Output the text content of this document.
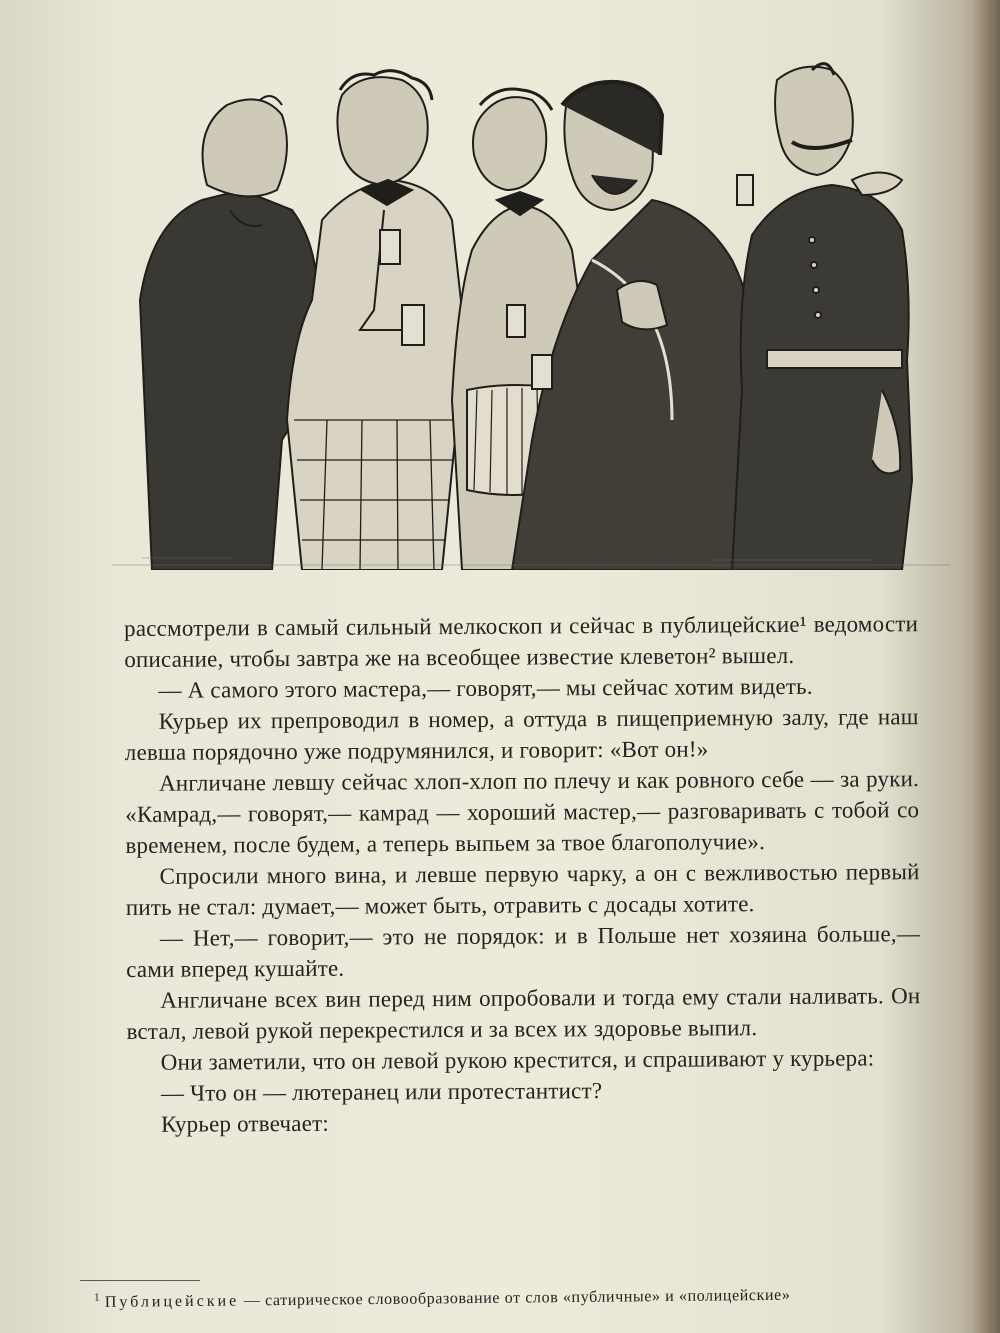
рассмотрели в самый сильный мелкоскоп и сейчас в публицейские¹ ведомости описание, чтобы завтра же на всеобщее известие клеветон² вышел.

— А самого этого мастера,— говорят,— мы сейчас хотим видеть.

Курьер их препроводил в номер, а оттуда в пищеприемную залу, где наш левша порядочно уже подрумянился, и говорит: «Вот он!»

Англичане левшу сейчас хлоп-хлоп по плечу и как ровного себе — за руки. «Камрад,— говорят,— камрад — хороший мастер,— разговаривать с тобой со временем, после будем, а теперь выпьем за твое благополучие».

Спросили много вина, и левше первую чарку, а он с вежливостью первый пить не стал: думает,— может быть, отравить с досады хотите.

— Нет,— говорит,— это не порядок: и в Польше нет хозяина больше,— сами вперед кушайте.

Англичане всех вин перед ним опробовали и тогда ему стали наливать. Он встал, левой рукой перекрестился и за всех их здоровье выпил.

Они заметили, что он левой рукою крестится, и спрашивают у курьера:

— Что он — лютеранец или протестантист?

Курьер отвечает:

$^1$ Публицейские — сатирическое словообразование от слов «публичные» и «полицейские»
